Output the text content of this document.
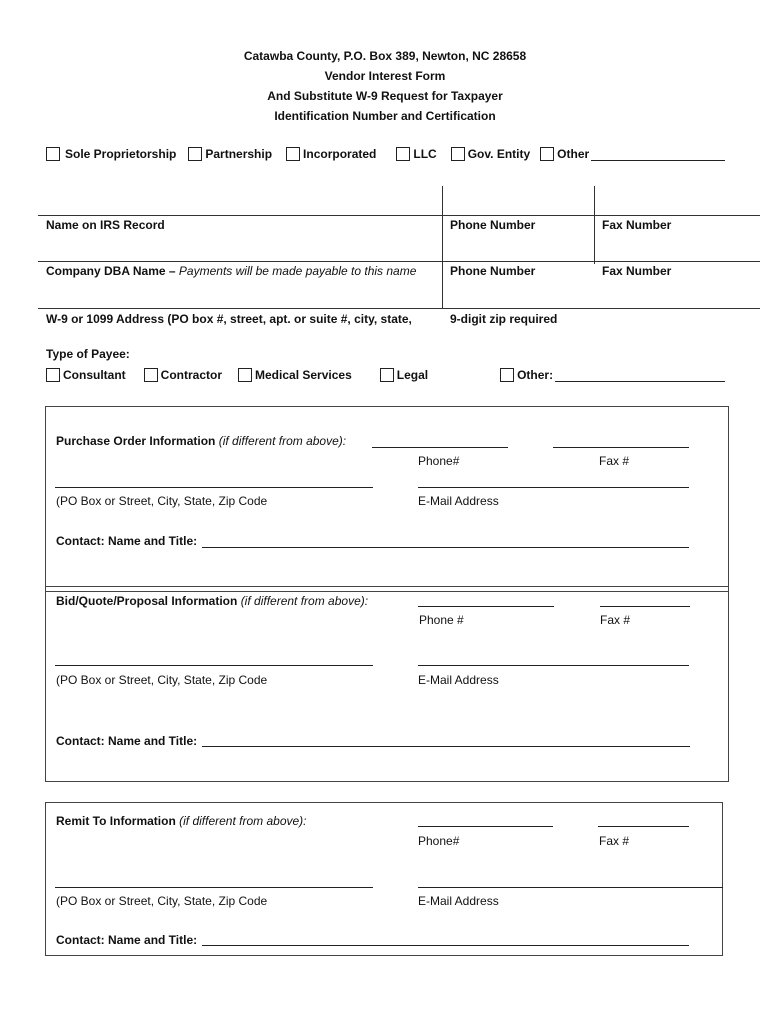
Catawba County, P.O. Box 389, Newton, NC 28658
Vendor Interest Form
And Substitute W-9 Request for Taxpayer
Identification Number and Certification
Sole Proprietorship Partnership	Incorporated	LLC	Gov. Entity Other
Name on IRS Record	Phone Number	Fax Number
Company DBA Name – Payments will be made payable to this name	Phone Number	Fax Number
W-9 or 1099 Address (PO box #, street, apt. or suite #, city, state,	9-digit zip required
Type of Payee:
Consultant	Contractor	Medical Services	Legal	Other:
Purchase Order Information (if different from above):
Phone#	Fax #
(PO Box or Street, City, State, Zip Code	E-Mail Address
Contact: Name and Title:
Bid/Quote/Proposal Information (if different from above):
Phone #	Fax #
(PO Box or Street, City, State, Zip Code	E-Mail Address
Contact: Name and Title:
Remit To Information (if different from above):
Phone#	Fax #
(PO Box or Street, City, State, Zip Code	E-Mail Address
Contact: Name and Title:
